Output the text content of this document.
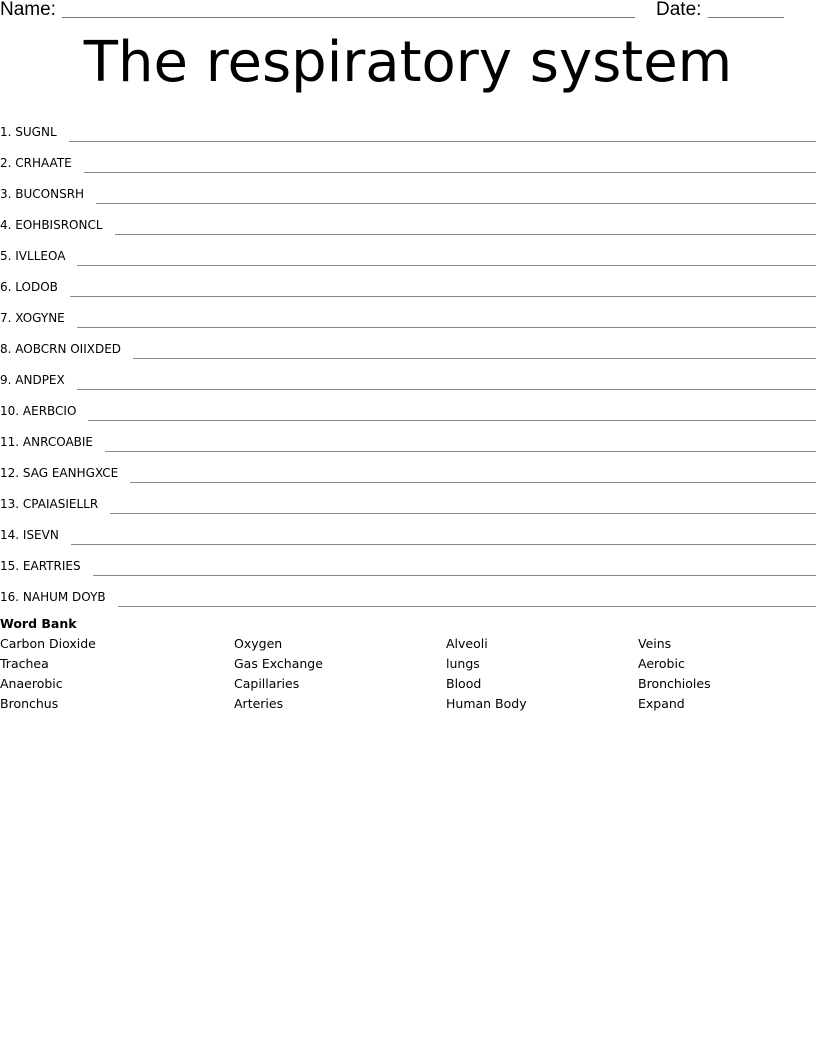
Name:	Date:
The respiratory system
1. SUGNL
2. CRHAATE
3. BUCONSRH
4. EOHBISRONCL
5. IVLLEOA
6. LODOB
7. XOGYNE
8. AOBCRN OIIXDED
9. ANDPEX
10. AERBCIO
11. ANRCOABIE
12. SAG EANHGXCE
13. CPAIASIELLR
14. ISEVN
15. EARTRIES
16. NAHUM DOYB
Word Bank
Carbon Dioxide	Oxygen	Alveoli	Veins
Trachea	Gas Exchange	lungs	Aerobic
Anaerobic	Capillaries	Blood	Bronchioles
Bronchus	Arteries	Human Body	Expand
